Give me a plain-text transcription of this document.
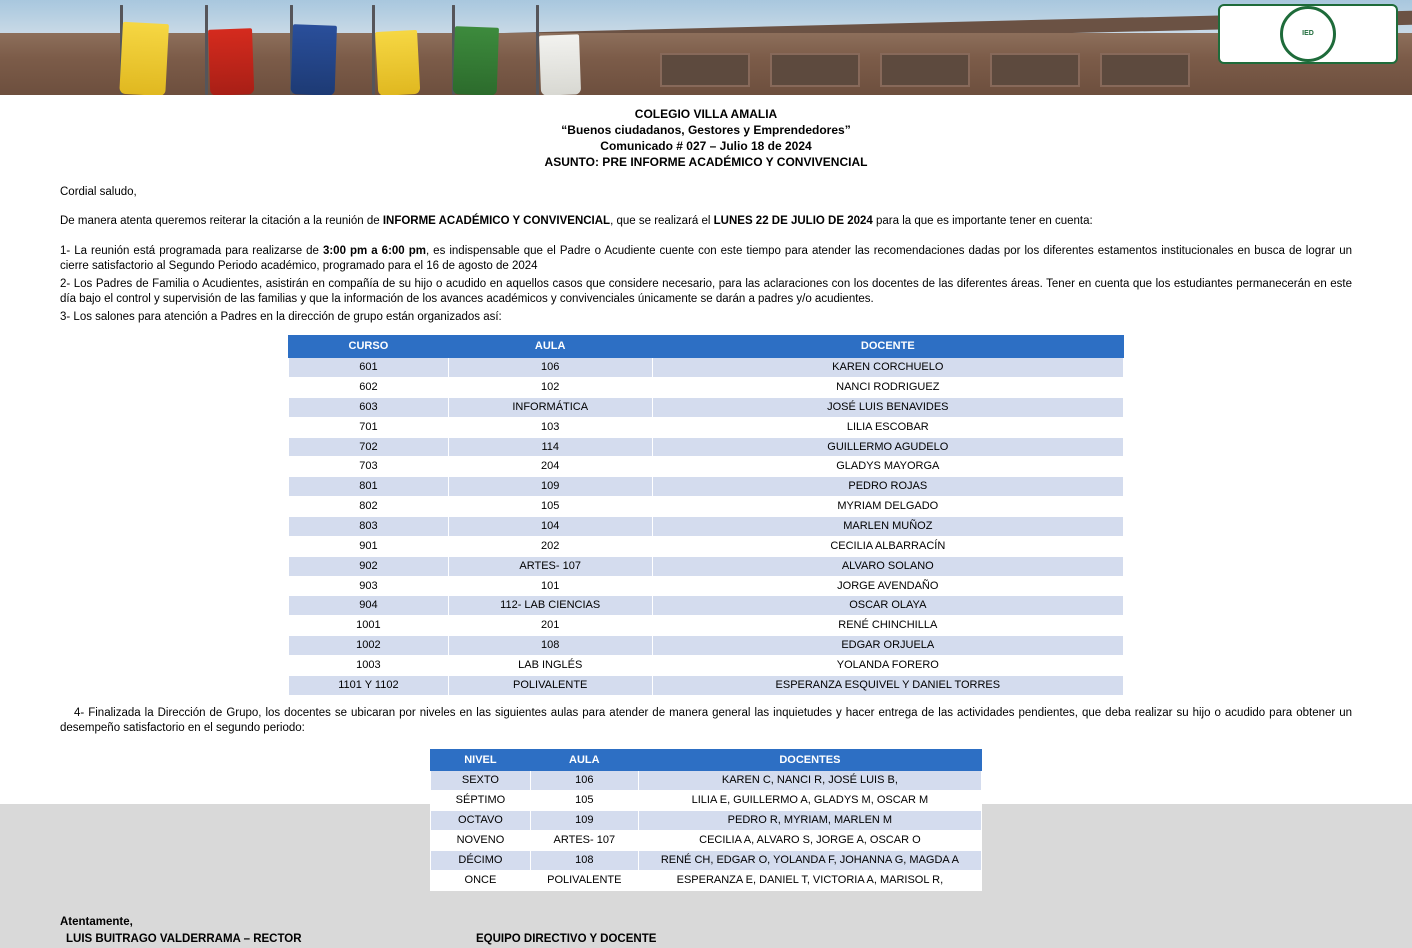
IED
COLEGIO VILLA AMALIA
“Buenos ciudadanos, Gestores y Emprendedores”
Comunicado # 027 – Julio 18 de 2024
ASUNTO: PRE INFORME ACADÉMICO Y CONVIVENCIAL
Cordial saludo,
De manera atenta queremos reiterar la citación a la reunión de INFORME ACADÉMICO Y CONVIVENCIAL, que se realizará el LUNES 22 DE JULIO DE 2024 para la que es importante tener en cuenta:
1- La reunión está programada para realizarse de 3:00 pm a 6:00 pm, es indispensable que el Padre o Acudiente cuente con este tiempo para atender las recomendaciones dadas por los diferentes estamentos institucionales en busca de lograr un cierre satisfactorio al Segundo Periodo académico, programado para el 16 de agosto de 2024
2- Los Padres de Familia o Acudientes, asistirán en compañía de su hijo o acudido en aquellos casos que considere necesario, para las aclaraciones con los docentes de las diferentes áreas. Tener en cuenta que los estudiantes permanecerán en este día bajo el control y supervisión de las familias y que la información de los avances académicos y convivenciales únicamente se darán a padres y/o acudientes.
3- Los salones para atención a Padres en la dirección de grupo están organizados así:
CURSO	AULA	DOCENTE
601	106	KAREN CORCHUELO
602	102	NANCI RODRIGUEZ
603	INFORMÁTICA	JOSÉ LUIS BENAVIDES
701	103	LILIA ESCOBAR
702	114	GUILLERMO AGUDELO
703	204	GLADYS MAYORGA
801	109	PEDRO ROJAS
802	105	MYRIAM DELGADO
803	104	MARLEN MUÑOZ
901	202	CECILIA ALBARRACÍN
902	ARTES- 107	ALVARO SOLANO
903	101	JORGE AVENDAÑO
904	112- LAB CIENCIAS	OSCAR OLAYA
1001	201	RENÉ CHINCHILLA
1002	108	EDGAR ORJUELA
1003	LAB INGLÉS	YOLANDA FORERO
1101 Y 1102	POLIVALENTE	ESPERANZA ESQUIVEL Y DANIEL TORRES
4- Finalizada la Dirección de Grupo, los docentes se ubicaran por niveles en las siguientes aulas para atender de manera general las inquietudes y hacer entrega de las actividades pendientes, que deba realizar su hijo o acudido para obtener un desempeño satisfactorio en el segundo periodo:
NIVEL	AULA	DOCENTES
SEXTO	106	KAREN C, NANCI R, JOSÉ LUIS B,
SÉPTIMO	105	LILIA E, GUILLERMO A, GLADYS M, OSCAR M
OCTAVO	109	PEDRO R, MYRIAM, MARLEN M
NOVENO	ARTES- 107	CECILIA A, ALVARO S, JORGE A, OSCAR O
DÉCIMO	108	RENÉ CH, EDGAR O, YOLANDA F, JOHANNA G, MAGDA A
ONCE	POLIVALENTE	ESPERANZA E, DANIEL T, VICTORIA A, MARISOL R,
Atentamente,
LUIS BUITRAGO VALDERRAMA – RECTOR	EQUIPO DIRECTIVO Y DOCENTE
